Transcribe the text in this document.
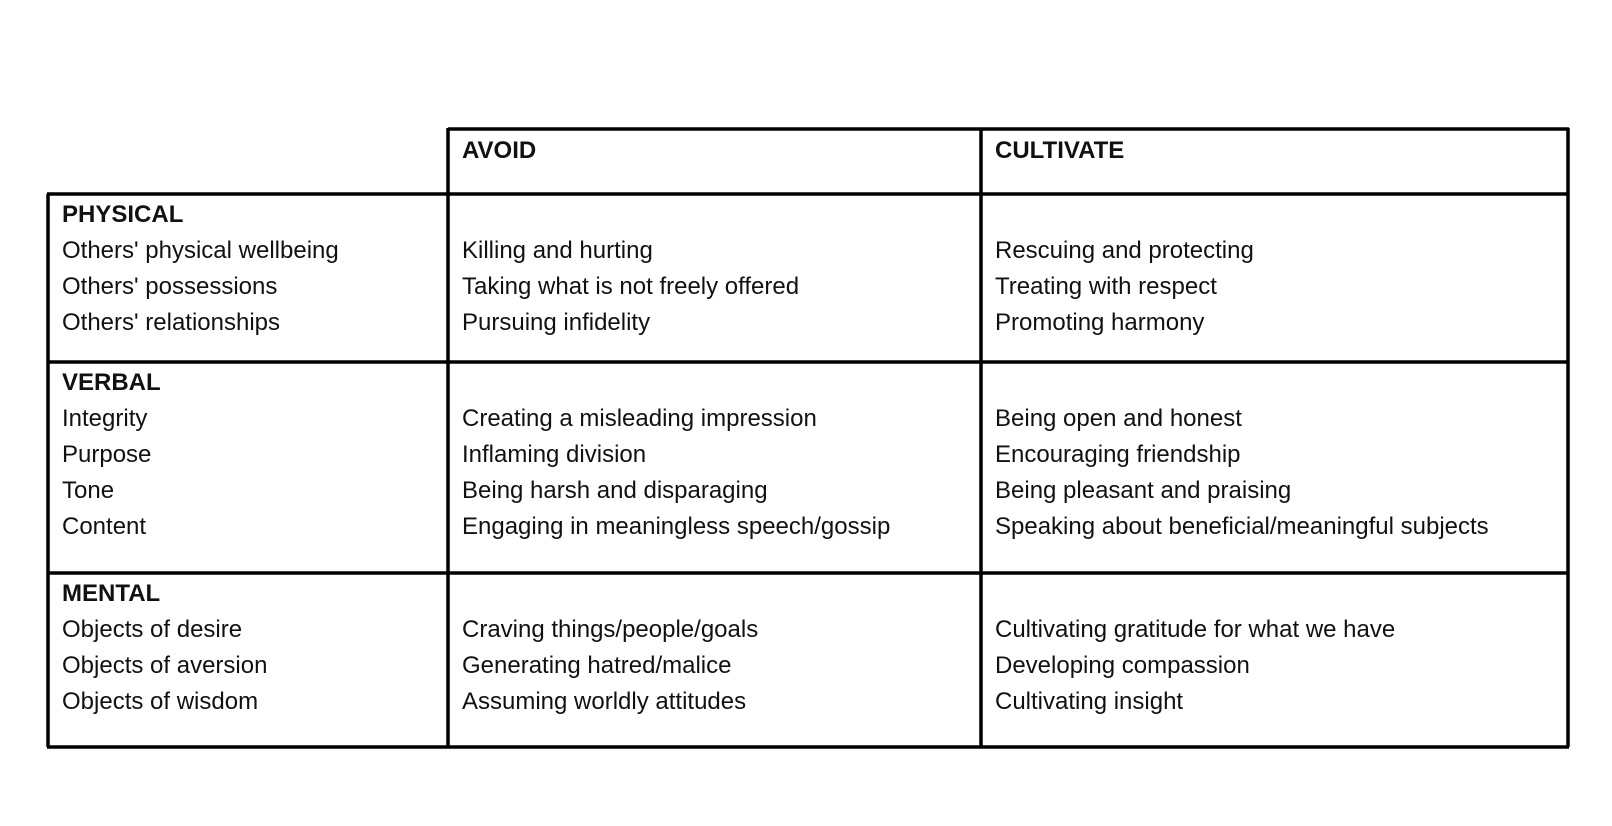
AVOID	CULTIVATE
PHYSICAL
Others' physical wellbeing
Others' possessions
Others' relationships
Killing and hurting
Taking what is not freely offered
Pursuing infidelity
Rescuing and protecting
Treating with respect
Promoting harmony
VERBAL
Integrity
Purpose
Tone
Content
Creating a misleading impression
Inflaming division
Being harsh and disparaging
Engaging in meaningless speech/gossip
Being open and honest
Encouraging friendship
Being pleasant and praising
Speaking about beneficial/meaningful subjects
MENTAL
Objects of desire
Objects of aversion
Objects of wisdom
Craving things/people/goals
Generating hatred/malice
Assuming worldly attitudes
Cultivating gratitude for what we have
Developing compassion
Cultivating insight
